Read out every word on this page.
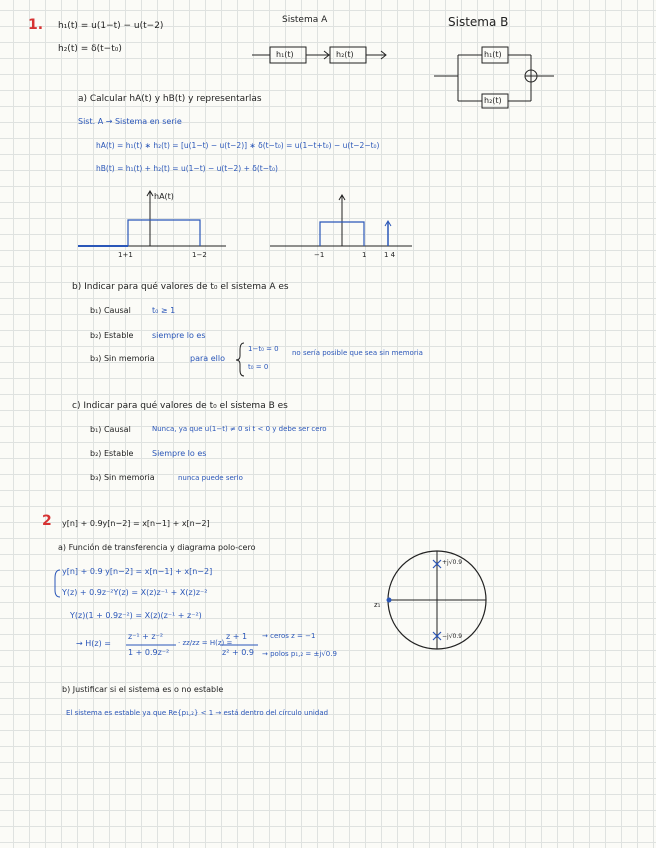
1. h₁(t) = u(1−t) − u(t−2)
h₂(t) = δ(t−t₀)
Sistema A	Sistema B
h₁(t)	h₂(t)	h₁(t)
h₂(t)
a) Calcular hA(t) y hB(t) y representarlas
Sist. A → Sistema en serie
hA(t) = h₁(t) ∗ h₂(t) = [u(1−t) − u(t−2)] ∗ δ(t−t₀) = u(1−t+t₀) − u(t−2−t₀)
hB(t) = h₁(t) + h₂(t) = u(1−t) − u(t−2) + δ(t−t₀)
hA(t)
1+1	1−2	−1	1	1 4
b) Indicar para qué valores de t₀ el sistema A es
b₁) Causal	t₀ ≥ 1
b₂) Estable siempre lo es
b₃) Sin memoria	para ello
1−t₀ = 0
t₀ = 0
no sería posible que sea sin memoria
c) Indicar para qué valores de t₀ el sistema B es
b₁) Causal	Nunca, ya que u(1−t) ≠ 0 si t < 0 y debe ser cero
b₂) Estable Siempre lo es
b₃) Sin memoria	nunca puede serlo
2 y[n] + 0.9y[n−2] = x[n−1] + x[n−2]
a) Función de transferencia y diagrama polo-cero
y[n] + 0.9 y[n−2] = x[n−1] + x[n−2]
Y(z) + 0.9z⁻²Y(z) = X(z)z⁻¹ + X(z)z⁻²
Y(z)(1 + 0.9z⁻²) = X(z)(z⁻¹ + z⁻²)
→ H(z) =
z⁻¹ + z⁻²
1 + 0.9z⁻²
· zz/zz = H(z) =
z + 1
z² + 0.9
→ ceros z = −1
→ polos p₁,₂ = ±j√0.9
+j√0.9
−j√0.9
z₁
b) Justificar si el sistema es o no estable
El sistema es estable ya que Re{p₁,₂} < 1 → está dentro del círculo unidad
